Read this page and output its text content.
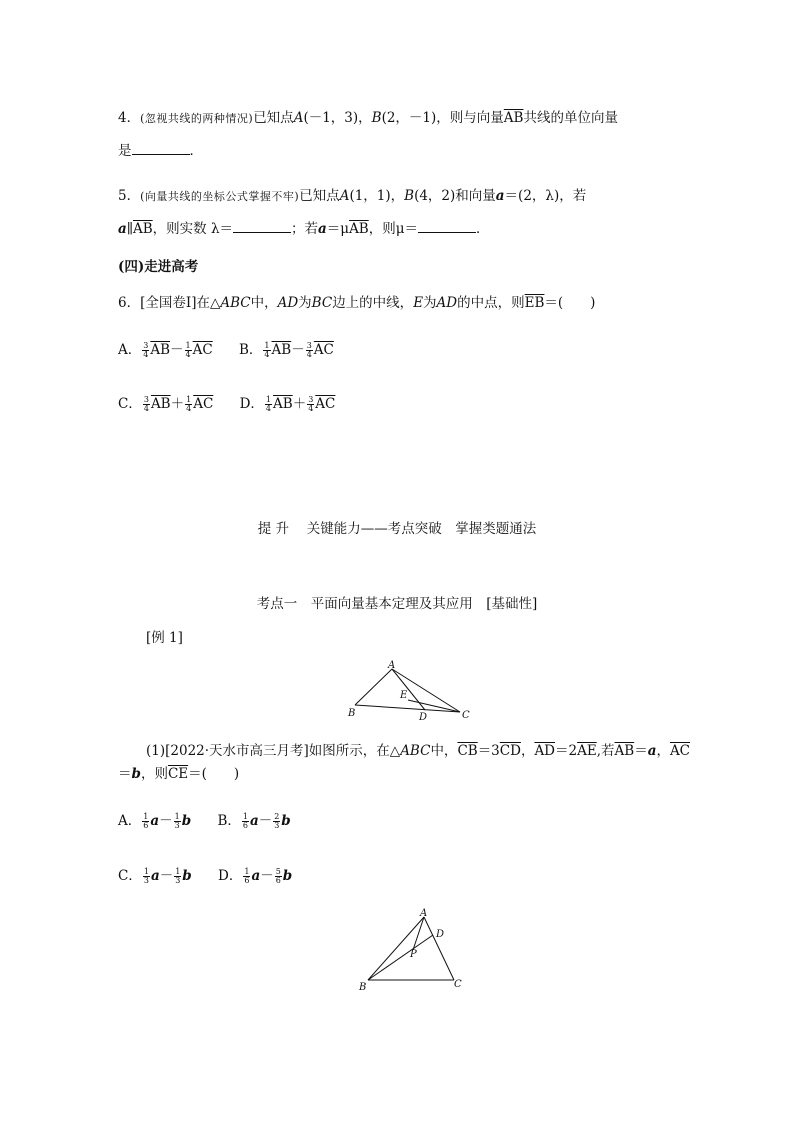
4．(忽视共线的两种情况)已知点A(－1，3)，B(2，－1)，则与向量$\overline{AB}$共线的单位向量
是	．
5．(向量共线的坐标公式掌握不牢)已知点A(1，1)，B(4，2)和向量a＝(2，λ)，若
$a\parallel\overline{AB}$，则实数 λ＝	；若$a=\mu\overline{AB}$，则μ＝	．
(四)走进高考
6．[全国卷Ⅰ]在△ABC中，AD为BC边上的中线，E为AD的中点，则$\overline{EB}=$(　　)
A． $\frac{3}{4} \overline{AB}- \frac{1}{4} \overline{AC}$ B． $\frac{1}{4} \overline{AB}- \frac{3}{4} \overline{AC}$
C． $\frac{3}{4} \overline{AB}+ \frac{1}{4} \overline{AC}$ D． $\frac{1}{4} \overline{AB}+ \frac{3}{4} \overline{AC}$
提 升　 关键能力——考点突破　掌握类题通法
考点一　平面向量基本定理及其应用　[基础性]
[例 1]
A
B	C
D
E
(1)[2022·天水市高三月考]如图所示，在△ABC中，$\overline{CB}=3\overline{CD}$，$\overline{AD}=2\overline{AE}$,若$\overline{AB}=a$，$\overline{AC}$
＝b，则$\overline{CE}=$(　　)
A． $\frac{1}{6} a- \frac{1}{3}$ b B． $\frac{1}{6} a- \frac{2}{3}$ b
C． $\frac{1}{3} a- \frac{1}{3}$ b D． $\frac{1}{6} a- \frac{5}{6}$ b
A
B	C
D
P
